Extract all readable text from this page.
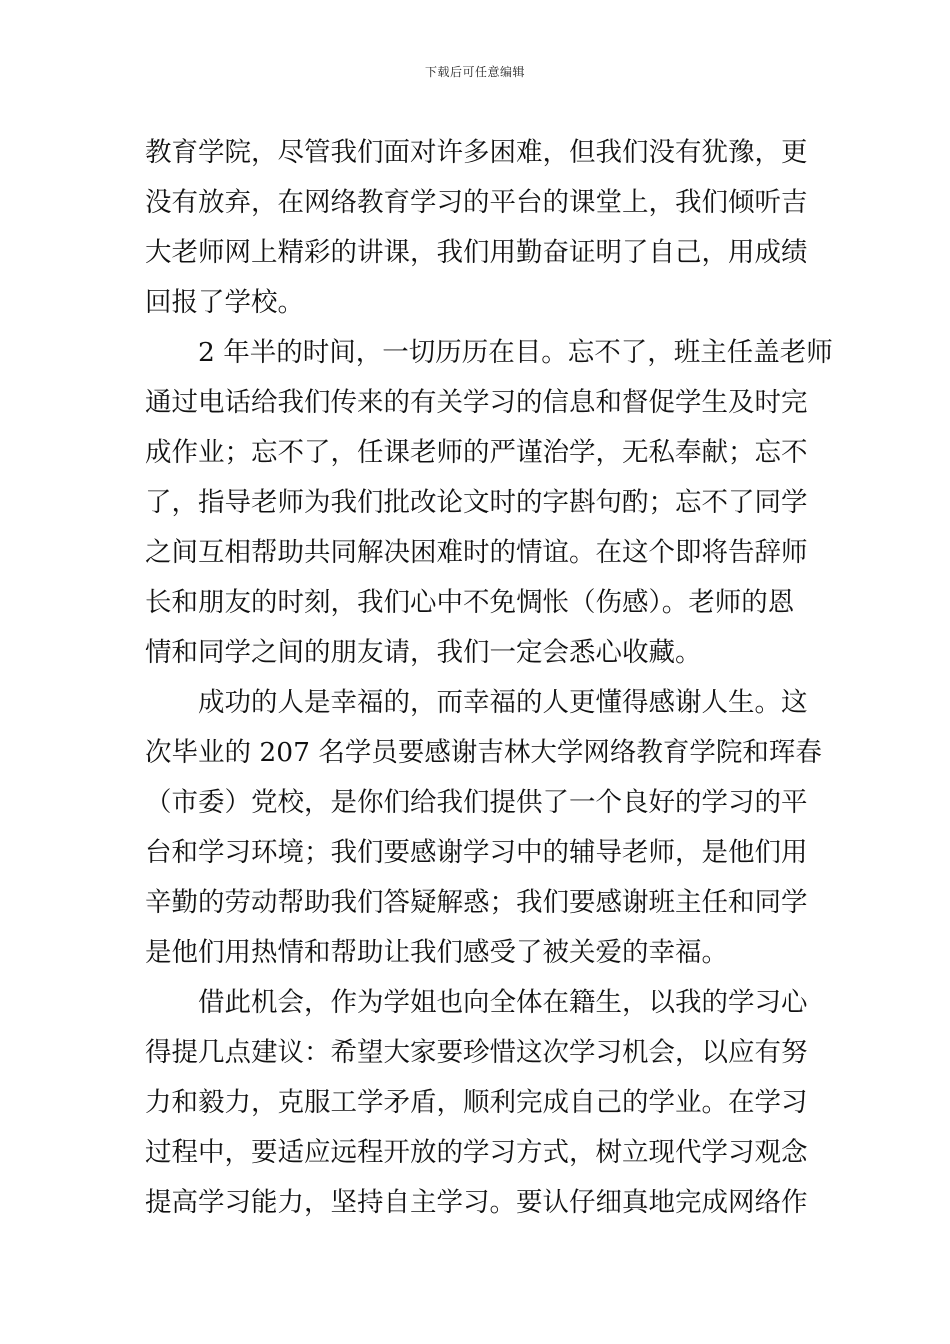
下载后可任意编辑
教育学院，尽管我们面对许多困难，但我们没有犹豫，更
没有放弃，在网络教育学习的平台的课堂上，我们倾听吉
大老师网上精彩的讲课，我们用勤奋证明了自己，用成绩
回报了学校。
2 年半的时间，一切历历在目。忘不了，班主任盖老师
通过电话给我们传来的有关学习的信息和督促学生及时完
成作业；忘不了，任课老师的严谨治学，无私奉献；忘不
了，指导老师为我们批改论文时的字斟句酌；忘不了同学
之间互相帮助共同解决困难时的情谊。在这个即将告辞师
长和朋友的时刻，我们心中不免惆怅（伤感）。老师的恩
情和同学之间的朋友请，我们一定会悉心收藏。
成功的人是幸福的，而幸福的人更懂得感谢人生。这
次毕业的 207 名学员要感谢吉林大学网络教育学院和珲春
（市委）党校，是你们给我们提供了一个良好的学习的平
台和学习环境；我们要感谢学习中的辅导老师，是他们用
辛勤的劳动帮助我们答疑解惑；我们要感谢班主任和同学
是他们用热情和帮助让我们感受了被关爱的幸福。
借此机会，作为学姐也向全体在籍生，以我的学习心
得提几点建议：希望大家要珍惜这次学习机会，以应有努
力和毅力，克服工学矛盾，顺利完成自己的学业。在学习
过程中，要适应远程开放的学习方式，树立现代学习观念
提高学习能力，坚持自主学习。要认仔细真地完成网络作
